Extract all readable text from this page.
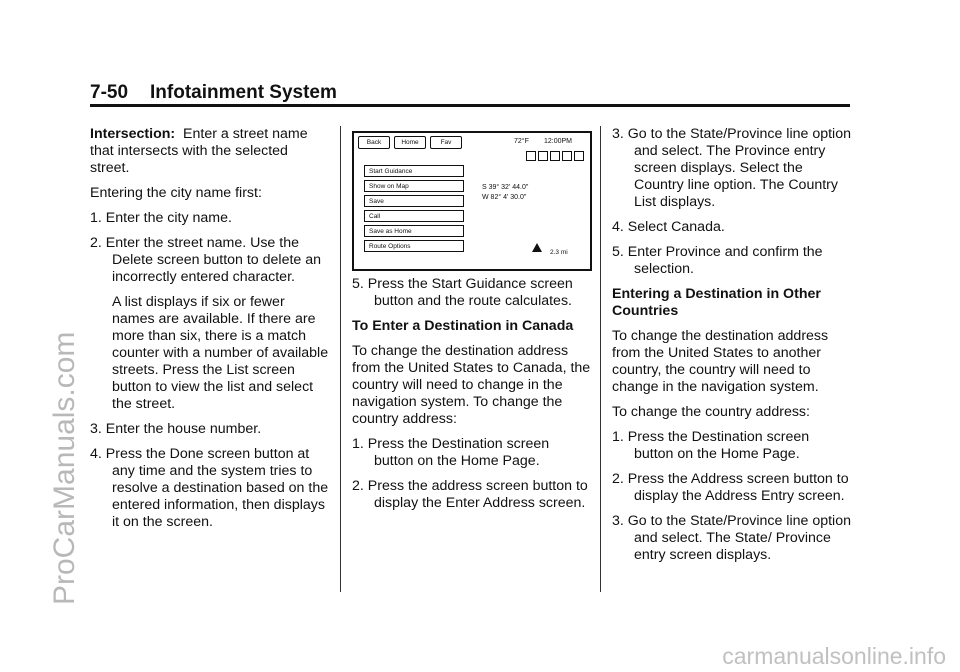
7-50 Infotainment System

Intersection: Enter a street name that intersects with the selected street.

Entering the city name first:

1. Enter the city name.

2. Enter the street name. Use the Delete screen button to delete an incorrectly entered character.

A list displays if six or fewer names are available. If there are more than six, there is a match counter with a number of available streets. Press the List screen button to view the list and select the street.

3. Enter the house number.

4. Press the Done screen button at any time and the system tries to resolve a destination based on the entered information, then displays it on the screen.

Back	Home	Fav	72°F 12:00PM
Start Guidance
Show on Map
Save
Call
Save as Home
Route Options
S 39° 32' 44.0"
W 82° 4' 30.0"
2.3 mi

5. Press the Start Guidance screen button and the route calculates.

To Enter a Destination in Canada

To change the destination address from the United States to Canada, the country will need to change in the navigation system. To change the country address:

1. Press the Destination screen button on the Home Page.

2. Press the address screen button to display the Enter Address screen.

3. Go to the State/Province line option and select. The Province entry screen displays. Select the Country line option. The Country List displays.

4. Select Canada.

5. Enter Province and confirm the selection.

Entering a Destination in Other Countries

To change the destination address from the United States to another country, the country will need to change in the navigation system.

To change the country address:

1. Press the Destination screen button on the Home Page.

2. Press the Address screen button to display the Address Entry screen.

3. Go to the State/Province line option and select. The State/ Province entry screen displays.

ProCarManuals.com
carmanualsonline.info
